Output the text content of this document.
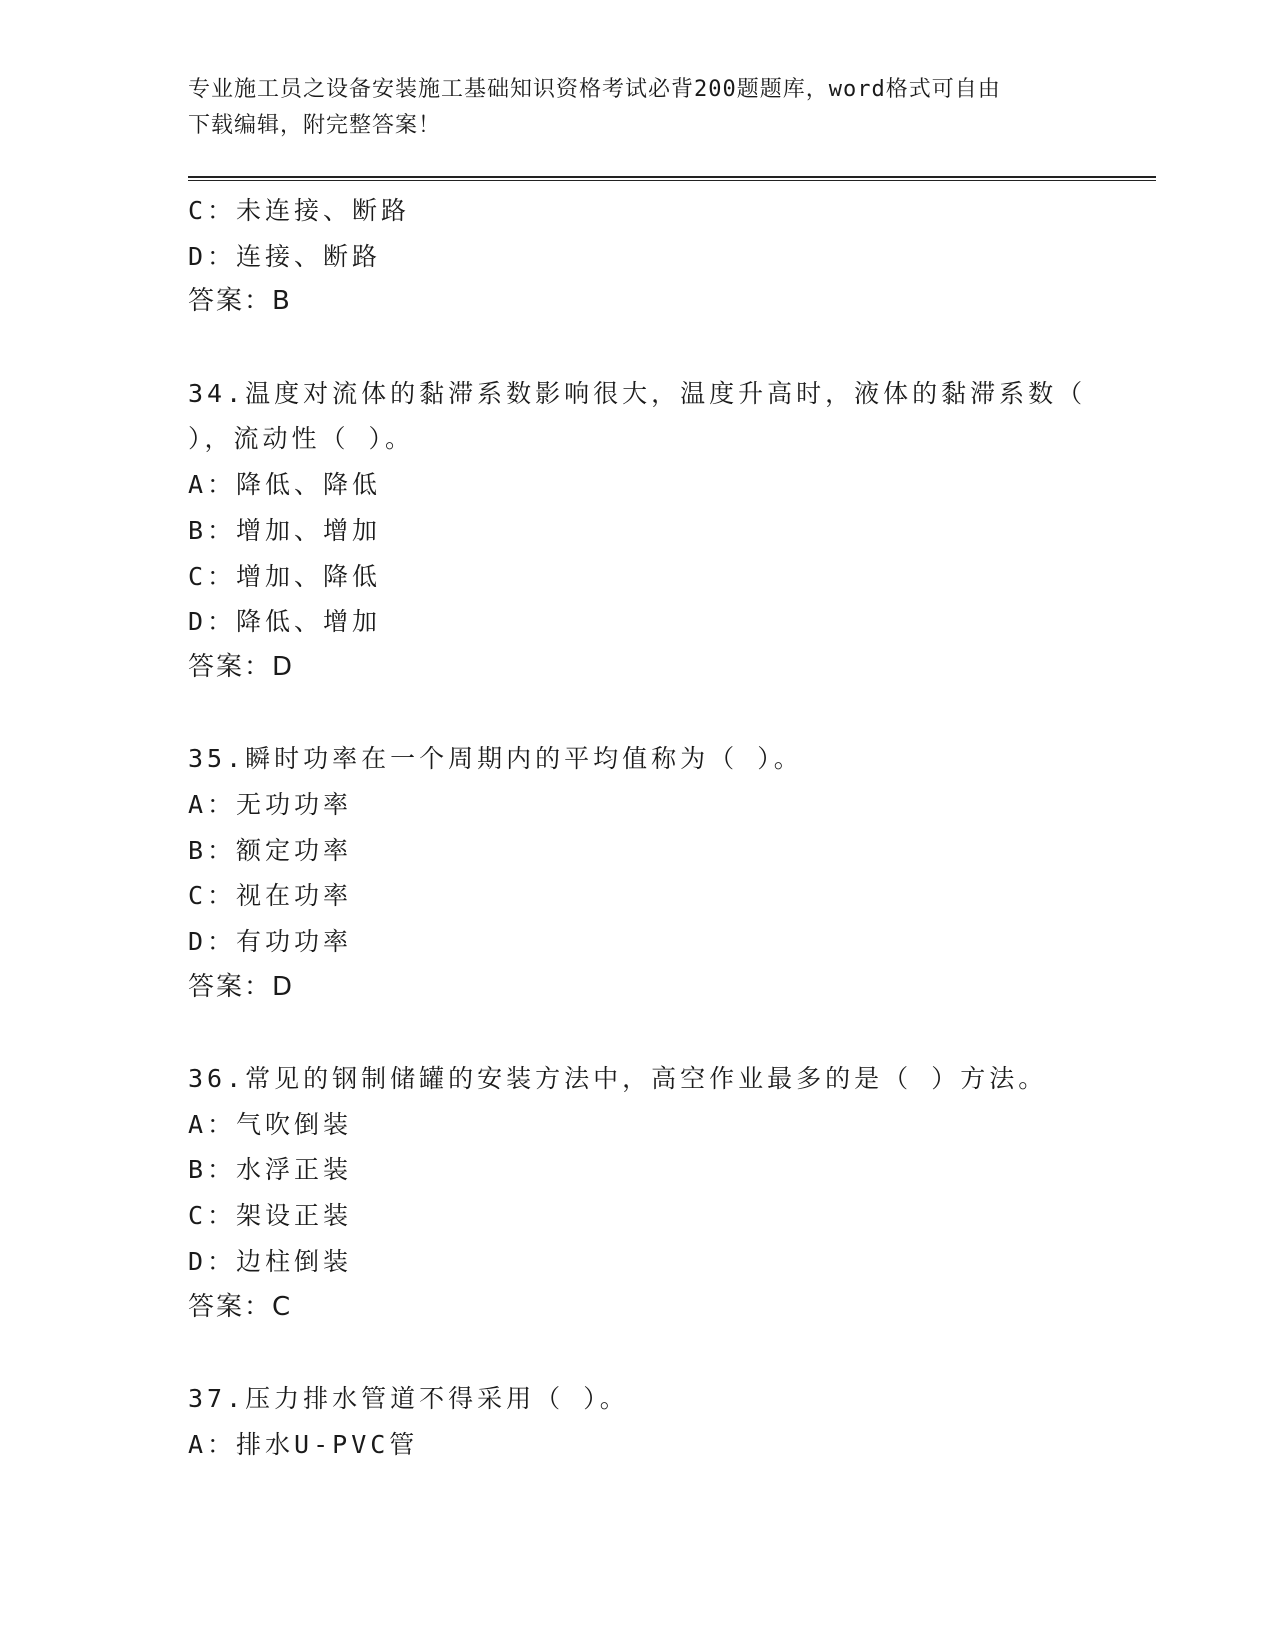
专业施工员之设备安装施工基础知识资格考试必背200题题库，word格式可自由
下载编辑，附完整答案！
C：未连接、断路
D：连接、断路
答案：B
34.温度对流体的黏滞系数影响很大，温度升高时，液体的黏滞系数（
），流动性（ ）。
A：降低、降低
B：增加、增加
C：增加、降低
D：降低、增加
答案：D
35.瞬时功率在一个周期内的平均值称为（ ）。
A：无功功率
B：额定功率
C：视在功率
D：有功功率
答案：D
36.常见的钢制储罐的安装方法中，高空作业最多的是（ ）方法。
A：气吹倒装
B：水浮正装
C：架设正装
D：边柱倒装
答案：C
37.压力排水管道不得采用（ ）。
A：排水U-PVC管
